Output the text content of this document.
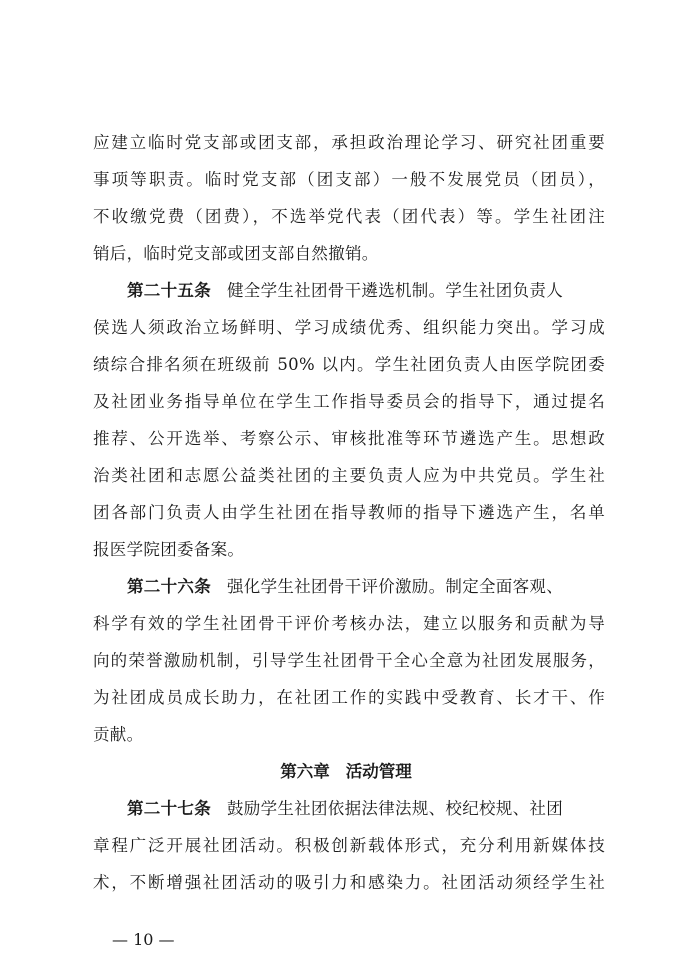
应建立临时党支部或团支部，承担政治理论学习、研究社团重要
事项等职责。临时党支部（团支部）一般不发展党员（团员），
不收缴党费（团费），不选举党代表（团代表）等。学生社团注
销后，临时党支部或团支部自然撤销。
第二十五条 健全学生社团骨干遴选机制。学生社团负责人
侯选人须政治立场鲜明、学习成绩优秀、组织能力突出。学习成
绩综合排名须在班级前 50% 以内。学生社团负责人由医学院团委
及社团业务指导单位在学生工作指导委员会的指导下，通过提名
推荐、公开选举、考察公示、审核批准等环节遴选产生。思想政
治类社团和志愿公益类社团的主要负责人应为中共党员。学生社
团各部门负责人由学生社团在指导教师的指导下遴选产生，名单
报医学院团委备案。
第二十六条 强化学生社团骨干评价激励。制定全面客观、
科学有效的学生社团骨干评价考核办法，建立以服务和贡献为导
向的荣誉激励机制，引导学生社团骨干全心全意为社团发展服务，
为社团成员成长助力，在社团工作的实践中受教育、长才干、作
贡献。
第六章 活动管理
第二十七条 鼓励学生社团依据法律法规、校纪校规、社团
章程广泛开展社团活动。积极创新载体形式，充分利用新媒体技
术，不断增强社团活动的吸引力和感染力。社团活动须经学生社
— 10 —
